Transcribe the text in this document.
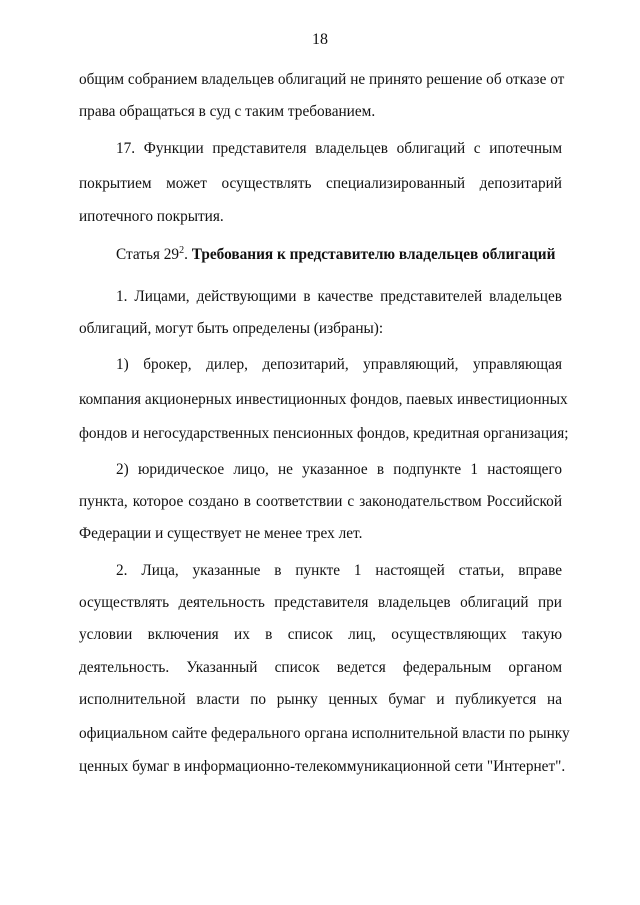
18
общим собранием владельцев облигаций не принято решение об отказе от
права обращаться в суд с таким требованием.
17. Функции представителя владельцев облигаций с ипотечным
покрытием может осуществлять специализированный депозитарий
ипотечного покрытия.
Статья $29^2$. Требования к представителю владельцев облигаций
1. Лицами, действующими в качестве представителей владельцев
облигаций, могут быть определены (избраны):
1) брокер, дилер, депозитарий, управляющий, управляющая
компания акционерных инвестиционных фондов, паевых инвестиционных
фондов и негосударственных пенсионных фондов, кредитная организация;
2) юридическое лицо, не указанное в подпункте 1 настоящего
пункта, которое создано в соответствии с законодательством Российской
Федерации и существует не менее трех лет.
2. Лица, указанные в пункте 1 настоящей статьи, вправе
осуществлять деятельность представителя владельцев облигаций при
условии включения их в список лиц, осуществляющих такую
деятельность. Указанный список ведется федеральным органом
исполнительной власти по рынку ценных бумаг и публикуется на
официальном сайте федерального органа исполнительной власти по рынку
ценных бумаг в информационно-телекоммуникационной сети "Интернет".
